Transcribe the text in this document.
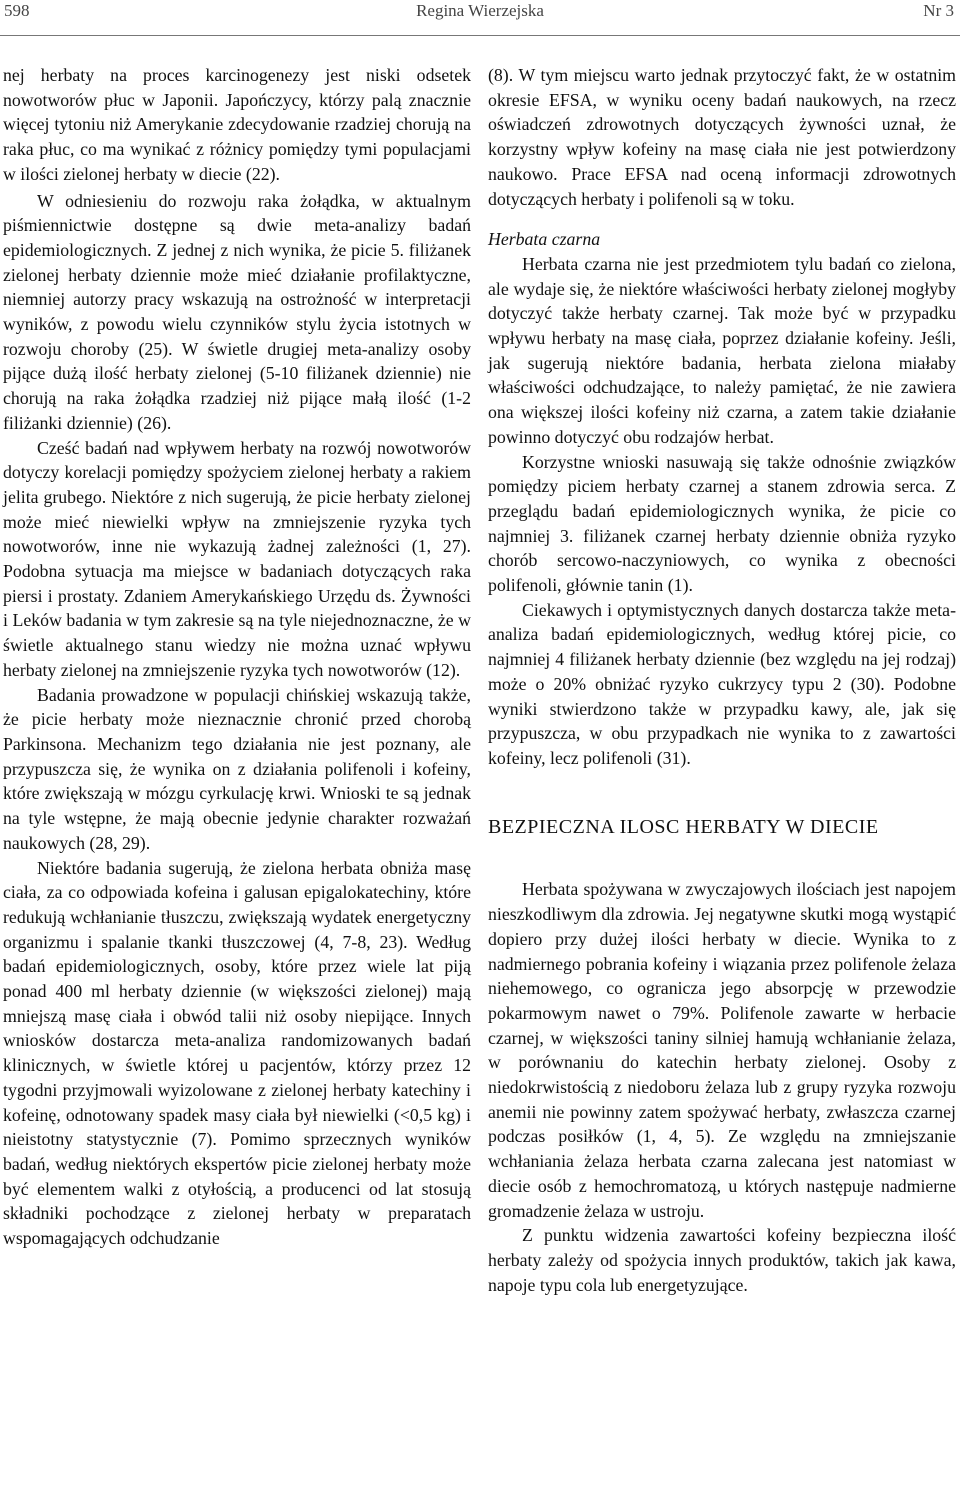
598	Regina Wierzejska	Nr 3

nej herbaty na proces karcinogenezy jest niski odsetek nowotworów płuc w Japonii. Japończycy, którzy palą znacznie więcej tytoniu niż Amerykanie zdecydowanie rzadziej chorują na raka płuc, co ma wynikać z różnicy pomiędzy tymi populacjami w ilości zielonej herbaty w diecie (22).

W odniesieniu do rozwoju raka żołądka, w aktualnym piśmiennictwie dostępne są dwie meta-analizy badań epidemiologicznych. Z jednej z nich wynika, że picie 5. filiżanek zielonej herbaty dziennie może mieć działanie profilaktyczne, niemniej autorzy pracy wskazują na ostrożność w interpretacji wyników, z powodu wielu czynników stylu życia istotnych w rozwoju choroby (25). W świetle drugiej meta-analizy osoby pijące dużą ilość herbaty zielonej (5-10 filiżanek dziennie) nie chorują na raka żołądka rzadziej niż pijące małą ilość (1-2 filiżanki dziennie) (26).

Cześć badań nad wpływem herbaty na rozwój nowotworów dotyczy korelacji pomiędzy spożyciem zielonej herbaty a rakiem jelita grubego. Niektóre z nich sugerują, że picie herbaty zielonej może mieć niewielki wpływ na zmniejszenie ryzyka tych nowotworów, inne nie wykazują żadnej zależności (1, 27). Podobna sytuacja ma miejsce w badaniach dotyczących raka piersi i prostaty. Zdaniem Amerykańskiego Urzędu ds. Żywności i Leków badania w tym zakresie są na tyle niejednoznaczne, że w świetle aktualnego stanu wiedzy nie można uznać wpływu herbaty zielonej na zmniejszenie ryzyka tych nowotworów (12).

Badania prowadzone w populacji chińskiej wskazują także, że picie herbaty może nieznacznie chronić przed chorobą Parkinsona. Mechanizm tego działania nie jest poznany, ale przypuszcza się, że wynika on z działania polifenoli i kofeiny, które zwiększają w mózgu cyrkulację krwi. Wnioski te są jednak na tyle wstępne, że mają obecnie jedynie charakter rozważań naukowych (28, 29).

Niektóre badania sugerują, że zielona herbata obniża masę ciała, za co odpowiada kofeina i galusan epigalokatechiny, które redukują wchłanianie tłuszczu, zwiększają wydatek energetyczny organizmu i spalanie tkanki tłuszczowej (4, 7-8, 23). Według badań epidemiologicznych, osoby, które przez wiele lat piją ponad 400 ml herbaty dziennie (w większości zielonej) mają mniejszą masę ciała i obwód talii niż osoby niepijące. Innych wniosków dostarcza meta-analiza randomizowanych badań klinicznych, w świetle której u pacjentów, którzy przez 12 tygodni przyjmowali wyizolowane z zielonej herbaty katechiny i kofeinę, odnotowany spadek masy ciała był niewielki (<0,5 kg) i nieistotny statystycznie (7). Pomimo sprzecznych wyników badań, według niektórych ekspertów picie zielonej herbaty może być elementem walki z otyłością, a producenci od lat stosują składniki pochodzące z zielonej herbaty w preparatach wspomagających odchudzanie

(8). W tym miejscu warto jednak przytoczyć fakt, że w ostatnim okresie EFSA, w wyniku oceny badań naukowych, na rzecz oświadczeń zdrowotnych dotyczących żywności uznał, że korzystny wpływ kofeiny na masę ciała nie jest potwierdzony naukowo. Prace EFSA nad oceną informacji zdrowotnych dotyczących herbaty i polifenoli są w toku.

Herbata czarna

Herbata czarna nie jest przedmiotem tylu badań co zielona, ale wydaje się, że niektóre właściwości herbaty zielonej mogłyby dotyczyć także herbaty czarnej. Tak może być w przypadku wpływu herbaty na masę ciała, poprzez działanie kofeiny. Jeśli, jak sugerują niektóre badania, herbata zielona miałaby właściwości odchudzające, to należy pamiętać, że nie zawiera ona większej ilości kofeiny niż czarna, a zatem takie działanie powinno dotyczyć obu rodzajów herbat.

Korzystne wnioski nasuwają się także odnośnie związków pomiędzy piciem herbaty czarnej a stanem zdrowia serca. Z przeglądu badań epidemiologicznych wynika, że picie co najmniej 3. filiżanek czarnej herbaty dziennie obniża ryzyko chorób sercowo-naczyniowych, co wynika z obecności polifenoli, głównie tanin (1).

Ciekawych i optymistycznych danych dostarcza także meta-analiza badań epidemiologicznych, według której picie, co najmniej 4 filiżanek herbaty dziennie (bez względu na jej rodzaj) może o 20% obniżać ryzyko cukrzycy typu 2 (30). Podobne wyniki stwierdzono także w przypadku kawy, ale, jak się przypuszcza, w obu przypadkach nie wynika to z zawartości kofeiny, lecz polifenoli (31).

BEZPIECZNA ILOSC HERBATY W DIECIE

Herbata spożywana w zwyczajowych ilościach jest napojem nieszkodliwym dla zdrowia. Jej negatywne skutki mogą wystąpić dopiero przy dużej ilości herbaty w diecie. Wynika to z nadmiernego pobrania kofeiny i wiązania przez polifenole żelaza niehemowego, co ogranicza jego absorpcję w przewodzie pokarmowym nawet o 79%. Polifenole zawarte w herbacie czarnej, w większości taniny silniej hamują wchłanianie żelaza, w porównaniu do katechin herbaty zielonej. Osoby z niedokrwistością z niedoboru żelaza lub z grupy ryzyka rozwoju anemii nie powinny zatem spożywać herbaty, zwłaszcza czarnej podczas posiłków (1, 4, 5). Ze względu na zmniejszanie wchłaniania żelaza herbata czarna zalecana jest natomiast w diecie osób z hemochromatozą, u których następuje nadmierne gromadzenie żelaza w ustroju.

Z punktu widzenia zawartości kofeiny bezpieczna ilość herbaty zależy od spożycia innych produktów, takich jak kawa, napoje typu cola lub energetyzujące.
